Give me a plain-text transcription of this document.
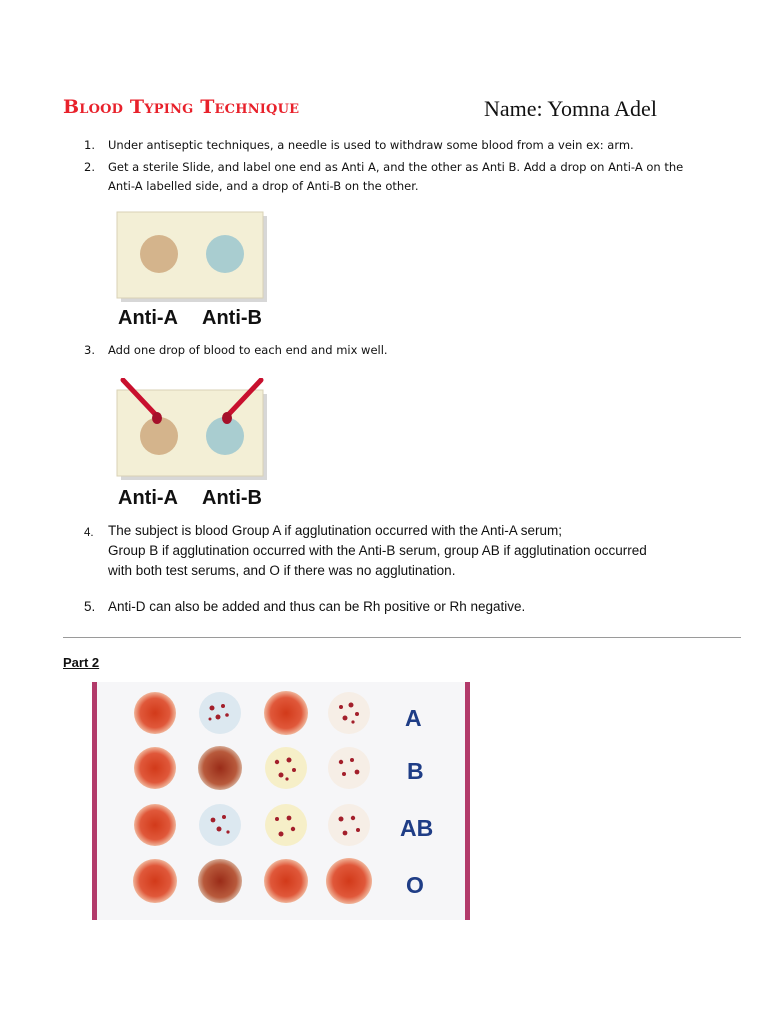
Blood Typing Technique	Name: Yomna Adel
1. Under antiseptic techniques, a needle is used to withdraw some blood from a vein ex: arm.
2. Get a sterile Slide, and label one end as Anti A, and the other as Anti B. Add a drop on Anti-A on the Anti-A labelled side, and a drop of Anti-B on the other.
Anti-A Anti-B
3. Add one drop of blood to each end and mix well.
Anti-A Anti-B
4. The subject is blood Group A if agglutination occurred with the Anti-A serum;
Group B if agglutination occurred with the Anti-B serum, group AB if agglutination occurred
with both test serums, and O if there was no agglutination.
5. Anti-D can also be added and thus can be Rh positive or Rh negative.
Part 2
A
B
AB
O
